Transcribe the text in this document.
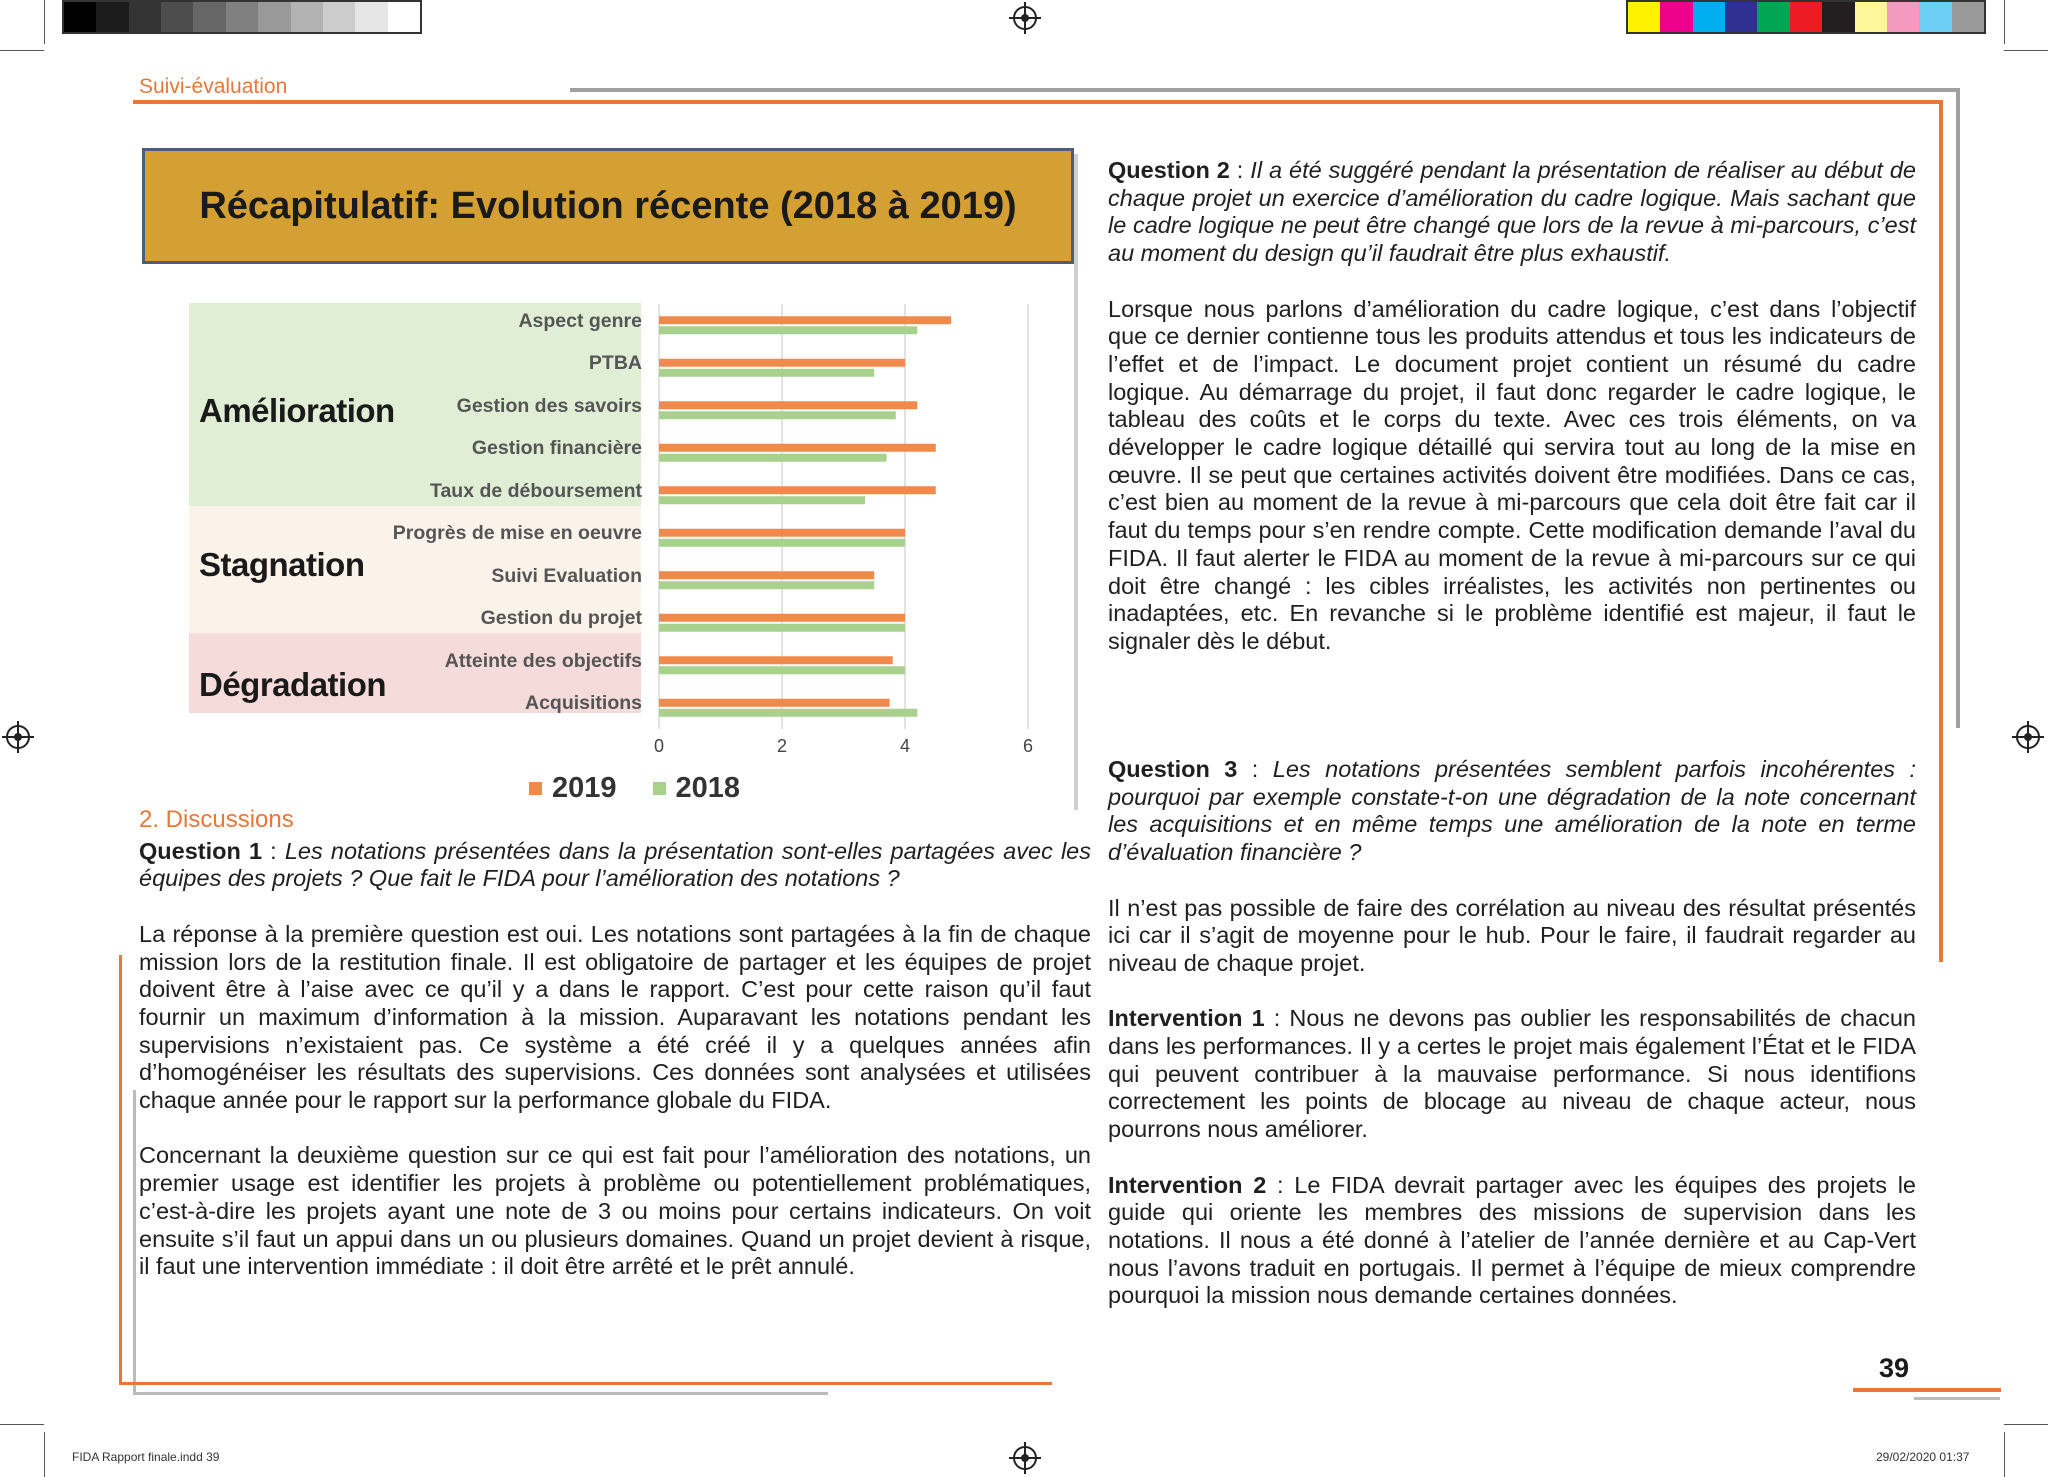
Suivi-évaluation
Récapitulatif: Evolution récente (2018 à 2019)
Amélioration
Stagnation
Dégradation
Aspect genre
PTBA
Gestion des savoirs
Gestion financière
Taux de déboursement
Progrès de mise en oeuvre
Suivi Evaluation
Gestion du projet
Atteinte des objectifs
Acquisitions
0	2	4	6
2019 2018

2. Discussions

Question 1 : Les notations présentées dans la présentation sont-elles partagées avec les équipes des projets ? Que fait le FIDA pour l’amélioration des notations ?

La réponse à la première question est oui. Les notations sont partagées à la fin de chaque mission lors de la restitution finale. Il est obligatoire de partager et les équipes de projet doivent être à l’aise avec ce qu’il y a dans le rapport. C’est pour cette raison qu’il faut fournir un maximum d’information à la mission. Auparavant les notations pendant les supervisions n’existaient pas. Ce système a été créé il y a quelques années afin d’homogénéiser les résultats des supervisions. Ces données sont analysées et utilisées chaque année pour le rapport sur la performance globale du FIDA.

Concernant la deuxième question sur ce qui est fait pour l’amélioration des notations, un premier usage est identifier les projets à problème ou potentiellement problématiques, c’est-à-dire les projets ayant une note de 3 ou moins pour certains indicateurs. On voit ensuite s’il faut un appui dans un ou plusieurs domaines. Quand un projet devient à risque, il faut une intervention immédiate : il doit être arrêté et le prêt annulé.

Question 2 : Il a été suggéré pendant la présentation de réaliser au début de chaque projet un exercice d’amélioration du cadre logique. Mais sachant que le cadre logique ne peut être changé que lors de la revue à mi-parcours, c’est au moment du design qu’il faudrait être plus exhaustif.

Lorsque nous parlons d’amélioration du cadre logique, c’est dans l’objectif que ce dernier contienne tous les produits attendus et tous les indicateurs de l’effet et de l’impact. Le document projet contient un résumé du cadre logique. Au démarrage du projet, il faut donc regarder le cadre logique, le tableau des coûts et le corps du texte. Avec ces trois éléments, on va développer le cadre logique détaillé qui servira tout au long de la mise en œuvre. Il se peut que certaines activités doivent être modifiées. Dans ce cas, c’est bien au moment de la revue à mi-parcours que cela doit être fait car il faut du temps pour s’en rendre compte. Cette modification demande l’aval du FIDA. Il faut alerter le FIDA au moment de la revue à mi-parcours sur ce qui doit être changé : les cibles irréalistes, les activités non pertinentes ou inadaptées, etc. En revanche si le problème identifié est majeur, il faut le signaler dès le début.

Question 3 : Les notations présentées semblent parfois incohérentes : pourquoi par exemple constate-t-on une dégradation de la note concernant les acquisitions et en même temps une amélioration de la note en terme d’évaluation financière ?

Il n’est pas possible de faire des corrélation au niveau des résultat présentés ici car il s’agit de moyenne pour le hub. Pour le faire, il faudrait regarder au niveau de chaque projet.

Intervention 1 : Nous ne devons pas oublier les responsabilités de chacun dans les performances. Il y a certes le projet mais également l’État et le FIDA qui peuvent contribuer à la mauvaise performance. Si nous identifions correctement les points de blocage au niveau de chaque acteur, nous pourrons nous améliorer.

Intervention 2 : Le FIDA devrait partager avec les équipes des projets le guide qui oriente les membres des missions de supervision dans les notations. Il nous a été donné à l’atelier de l’année dernière et au Cap-Vert nous l’avons traduit en portugais. Il permet à l’équipe de mieux comprendre pourquoi la mission nous demande certaines données.

39
FIDA Rapport finale.indd 39	29/02/2020 01:37
